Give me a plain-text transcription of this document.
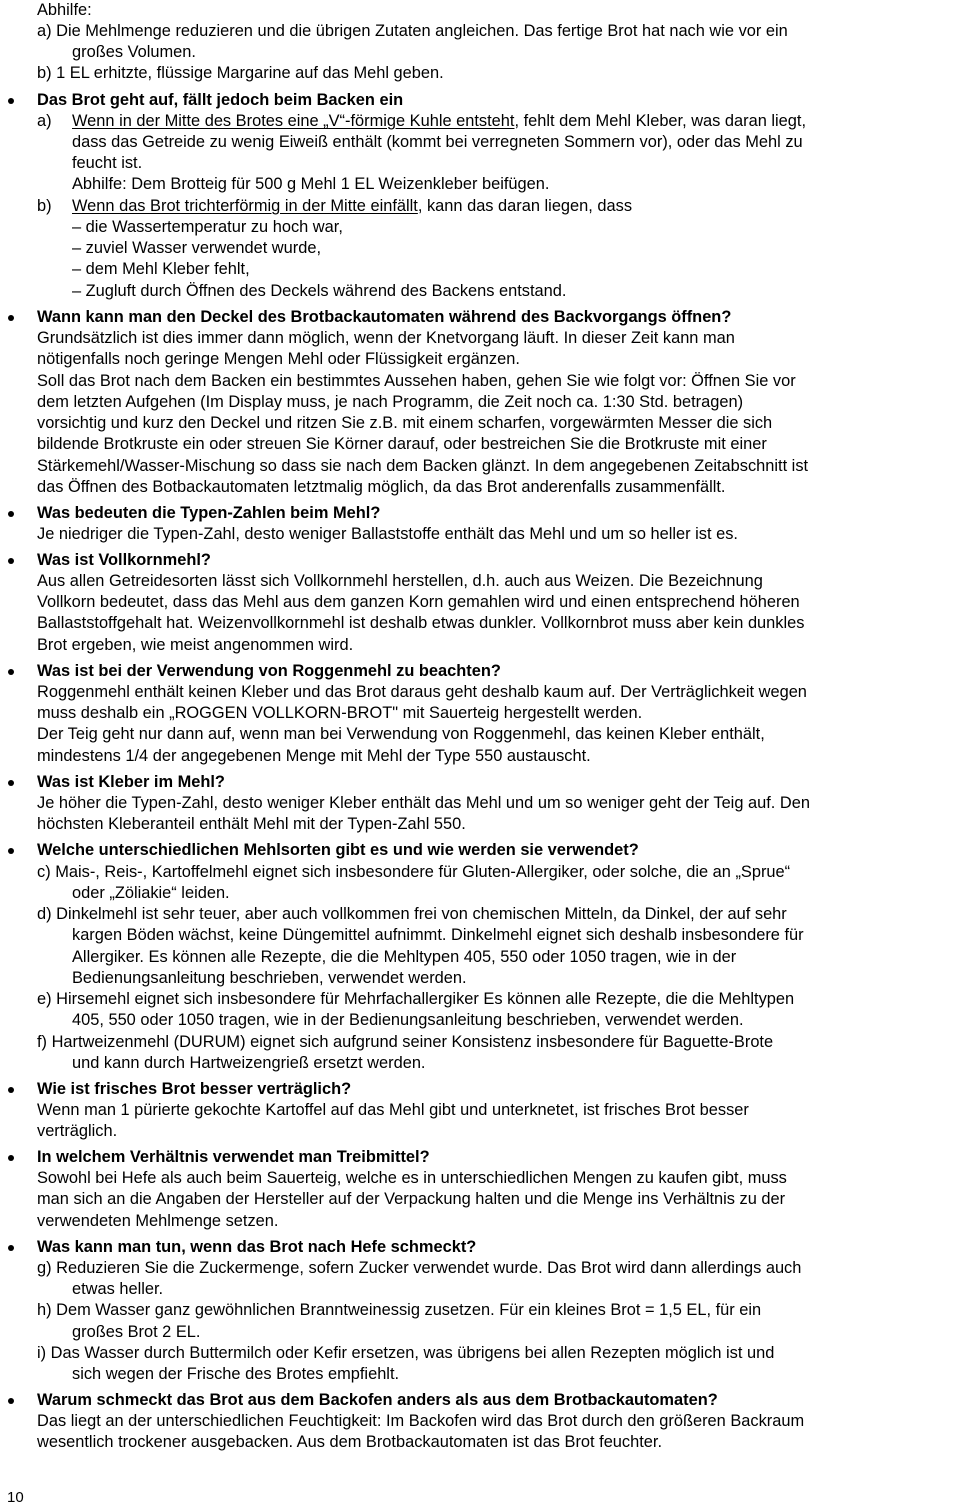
Abhilfe:
a) Die Mehlmenge reduzieren und die übrigen Zutaten angleichen. Das fertige Brot hat nach wie vor ein
großes Volumen.
b) 1 EL erhitzte, flüssige Margarine auf das Mehl geben.
Das Brot geht auf, fällt jedoch beim Backen ein
a) Wenn in der Mitte des Brotes eine „V“-förmige Kuhle entsteht, fehlt dem Mehl Kleber, was daran liegt,
dass das Getreide zu wenig Eiweiß enthält (kommt bei verregneten Sommern vor), oder das Mehl zu
feucht ist.
Abhilfe: Dem Brotteig für 500 g Mehl 1 EL Weizenkleber beifügen.
b) Wenn das Brot trichterförmig in der Mitte einfällt, kann das daran liegen, dass
– die Wassertemperatur zu hoch war,
– zuviel Wasser verwendet wurde,
– dem Mehl Kleber fehlt,
– Zugluft durch Öffnen des Deckels während des Backens entstand.
Wann kann man den Deckel des Brotbackautomaten während des Backvorgangs öffnen?
Grundsätzlich ist dies immer dann möglich, wenn der Knetvorgang läuft. In dieser Zeit kann man
nötigenfalls noch geringe Mengen Mehl oder Flüssigkeit ergänzen.
Soll das Brot nach dem Backen ein bestimmtes Aussehen haben, gehen Sie wie folgt vor: Öffnen Sie vor
dem letzten Aufgehen (Im Display muss, je nach Programm, die Zeit noch ca. 1:30 Std. betragen)
vorsichtig und kurz den Deckel und ritzen Sie z.B. mit einem scharfen, vorgewärmten Messer die sich
bildende Brotkruste ein oder streuen Sie Körner darauf, oder bestreichen Sie die Brotkruste mit einer
Stärkemehl/Wasser-Mischung so dass sie nach dem Backen glänzt. In dem angegebenen Zeitabschnitt ist
das Öffnen des Botbackautomaten letztmalig möglich, da das Brot anderenfalls zusammenfällt.
Was bedeuten die Typen-Zahlen beim Mehl?
Je niedriger die Typen-Zahl, desto weniger Ballaststoffe enthält das Mehl und um so heller ist es.
Was ist Vollkornmehl?
Aus allen Getreidesorten lässt sich Vollkornmehl herstellen, d.h. auch aus Weizen. Die Bezeichnung
Vollkorn bedeutet, dass das Mehl aus dem ganzen Korn gemahlen wird und einen entsprechend höheren
Ballaststoffgehalt hat. Weizenvollkornmehl ist deshalb etwas dunkler. Vollkornbrot muss aber kein dunkles
Brot ergeben, wie meist angenommen wird.
Was ist bei der Verwendung von Roggenmehl zu beachten?
Roggenmehl enthält keinen Kleber und das Brot daraus geht deshalb kaum auf. Der Verträglichkeit wegen
muss deshalb ein „ROGGEN VOLLKORN-BROT" mit Sauerteig hergestellt werden.
Der Teig geht nur dann auf, wenn man bei Verwendung von Roggenmehl, das keinen Kleber enthält,
mindestens 1/4 der angegebenen Menge mit Mehl der Type 550 austauscht.
Was ist Kleber im Mehl?
Je höher die Typen-Zahl, desto weniger Kleber enthält das Mehl und um so weniger geht der Teig auf. Den
höchsten Kleberanteil enthält Mehl mit der Typen-Zahl 550.
Welche unterschiedlichen Mehlsorten gibt es und wie werden sie verwendet?
c) Mais-, Reis-, Kartoffelmehl eignet sich insbesondere für Gluten-Allergiker, oder solche, die an „Sprue“
oder „Zöliakie“ leiden.
d) Dinkelmehl ist sehr teuer, aber auch vollkommen frei von chemischen Mitteln, da Dinkel, der auf sehr
kargen Böden wächst, keine Düngemittel aufnimmt. Dinkelmehl eignet sich deshalb insbesondere für
Allergiker. Es können alle Rezepte, die die Mehltypen 405, 550 oder 1050 tragen, wie in der
Bedienungsanleitung beschrieben, verwendet werden.
e) Hirsemehl eignet sich insbesondere für Mehrfachallergiker Es können alle Rezepte, die die Mehltypen
405, 550 oder 1050 tragen, wie in der Bedienungsanleitung beschrieben, verwendet werden.
f) Hartweizenmehl (DURUM) eignet sich aufgrund seiner Konsistenz insbesondere für Baguette-Brote
und kann durch Hartweizengrieß ersetzt werden.
Wie ist frisches Brot besser verträglich?
Wenn man 1 pürierte gekochte Kartoffel auf das Mehl gibt und unterknetet, ist frisches Brot besser
verträglich.
In welchem Verhältnis verwendet man Treibmittel?
Sowohl bei Hefe als auch beim Sauerteig, welche es in unterschiedlichen Mengen zu kaufen gibt, muss
man sich an die Angaben der Hersteller auf der Verpackung halten und die Menge ins Verhältnis zu der
verwendeten Mehlmenge setzen.
Was kann man tun, wenn das Brot nach Hefe schmeckt?
g) Reduzieren Sie die Zuckermenge, sofern Zucker verwendet wurde. Das Brot wird dann allerdings auch
etwas heller.
h) Dem Wasser ganz gewöhnlichen Branntweinessig zusetzen. Für ein kleines Brot = 1,5 EL, für ein
großes Brot 2 EL.
i) Das Wasser durch Buttermilch oder Kefir ersetzen, was übrigens bei allen Rezepten möglich ist und
sich wegen der Frische des Brotes empfiehlt.
Warum schmeckt das Brot aus dem Backofen anders als aus dem Brotbackautomaten?
Das liegt an der unterschiedlichen Feuchtigkeit: Im Backofen wird das Brot durch den größeren Backraum
wesentlich trockener ausgebacken. Aus dem Brotbackautomaten ist das Brot feuchter.
10
